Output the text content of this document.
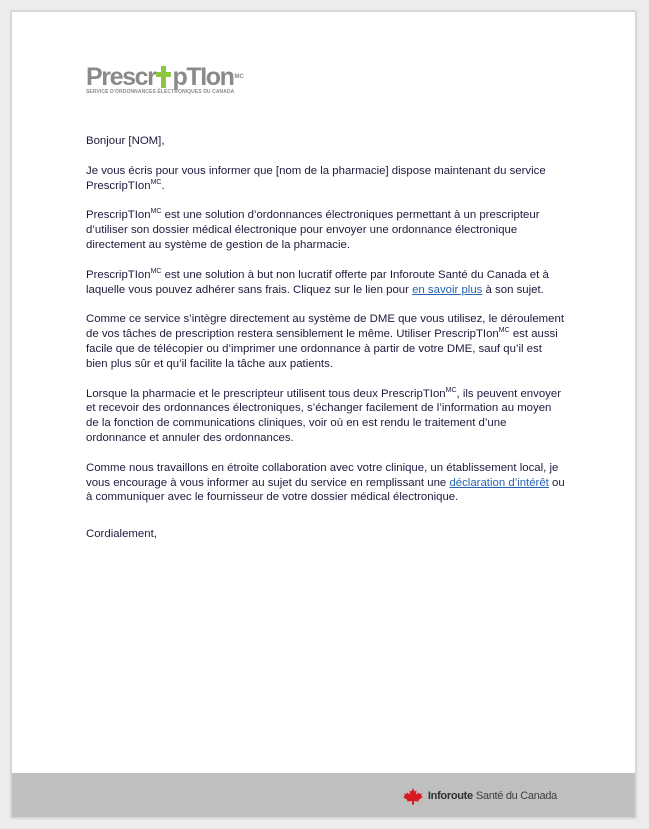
Prescr pTIon MC
SERVICE D'ORDONNANCES ÉLECTRONIQUES DU CANADA

Bonjour [NOM],

Je vous écris pour vous informer que [nom de la pharmacie] dispose maintenant du service PrescripTIon$^{MC}$.

PrescripTIon$^{MC}$ est une solution d’ordonnances électroniques permettant à un prescripteur d’utiliser son dossier médical électronique pour envoyer une ordonnance électronique directement au système de gestion de la pharmacie.

PrescripTIon$^{MC}$ est une solution à but non lucratif offerte par Inforoute Santé du Canada et à laquelle vous pouvez adhérer sans frais. Cliquez sur le lien pour en savoir plus à son sujet.

Comme ce service s’intègre directement au système de DME que vous utilisez, le déroulement de vos tâches de prescription restera sensiblement le même. Utiliser PrescripTIon$^{MC}$ est aussi facile que de télécopier ou d’imprimer une ordonnance à partir de votre DME, sauf qu’il est bien plus sûr et qu’il facilite la tâche aux patients.

Lorsque la pharmacie et le prescripteur utilisent tous deux PrescripTIon$^{MC}$, ils peuvent envoyer et recevoir des ordonnances électroniques, s’échanger facilement de l’information au moyen de la fonction de communications cliniques, voir où en est rendu le traitement d’une ordonnance et annuler des ordonnances.

Comme nous travaillons en étroite collaboration avec votre clinique, un établissement local, je vous encourage à vous informer au sujet du service en remplissant une déclaration d’intérêt ou à communiquer avec le fournisseur de votre dossier médical électronique.

Cordialement,

Inforoute Santé du Canada
